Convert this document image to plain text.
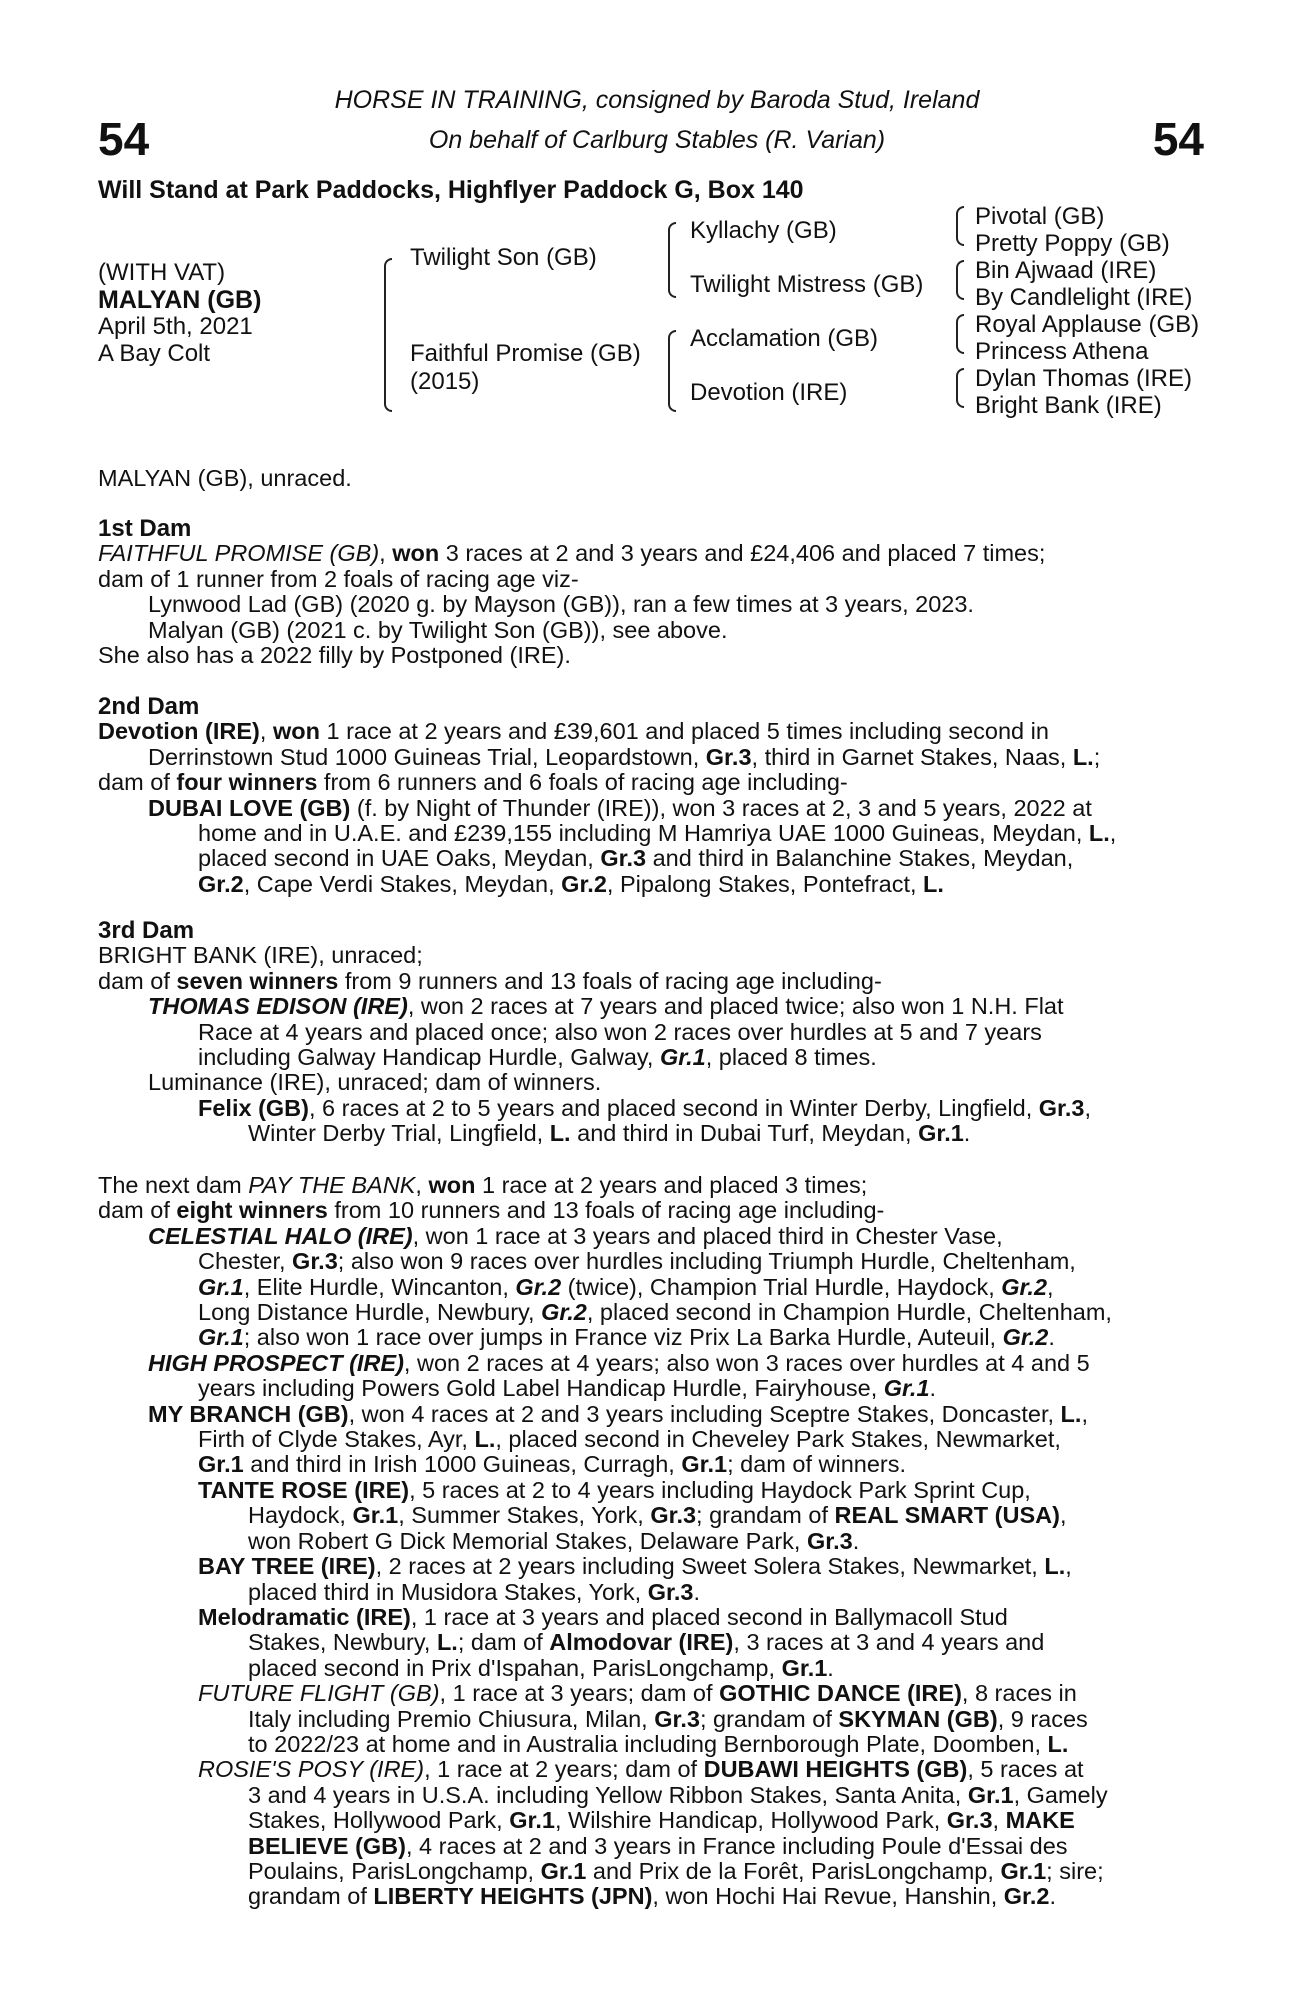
54	54
HORSE IN TRAINING, consigned by Baroda Stud, Ireland
On behalf of Carlburg Stables (R. Varian)
Will Stand at Park Paddocks, Highflyer Paddock G, Box 140
(WITH VAT)
MALYAN (GB)
April 5th, 2021
A Bay Colt
Twilight Son (GB)
Faithful Promise (GB)
(2015)
Kyllachy (GB)
Twilight Mistress (GB)
Acclamation (GB)
Devotion (IRE)
Pivotal (GB)
Pretty Poppy (GB)
Bin Ajwaad (IRE)
By Candlelight (IRE)
Royal Applause (GB)
Princess Athena
Dylan Thomas (IRE)
Bright Bank (IRE)
MALYAN (GB), unraced.
1st Dam
FAITHFUL PROMISE (GB), won 3 races at 2 and 3 years and £24,406 and placed 7 times;
dam of 1 runner from 2 foals of racing age viz-
Lynwood Lad (GB) (2020 g. by Mayson (GB)), ran a few times at 3 years, 2023.
Malyan (GB) (2021 c. by Twilight Son (GB)), see above.
She also has a 2022 filly by Postponed (IRE).
2nd Dam
Devotion (IRE), won 1 race at 2 years and £39,601 and placed 5 times including second in
Derrinstown Stud 1000 Guineas Trial, Leopardstown, Gr.3, third in Garnet Stakes, Naas, L.;
dam of four winners from 6 runners and 6 foals of racing age including-
DUBAI LOVE (GB) (f. by Night of Thunder (IRE)), won 3 races at 2, 3 and 5 years, 2022 at
home and in U.A.E. and £239,155 including M Hamriya UAE 1000 Guineas, Meydan, L.,
placed second in UAE Oaks, Meydan, Gr.3 and third in Balanchine Stakes, Meydan,
Gr.2, Cape Verdi Stakes, Meydan, Gr.2, Pipalong Stakes, Pontefract, L.
3rd Dam
BRIGHT BANK (IRE), unraced;
dam of seven winners from 9 runners and 13 foals of racing age including-
THOMAS EDISON (IRE), won 2 races at 7 years and placed twice; also won 1 N.H. Flat
Race at 4 years and placed once; also won 2 races over hurdles at 5 and 7 years
including Galway Handicap Hurdle, Galway, Gr.1, placed 8 times.
Luminance (IRE), unraced; dam of winners.
Felix (GB), 6 races at 2 to 5 years and placed second in Winter Derby, Lingfield, Gr.3,
Winter Derby Trial, Lingfield, L. and third in Dubai Turf, Meydan, Gr.1.
The next dam PAY THE BANK, won 1 race at 2 years and placed 3 times;
dam of eight winners from 10 runners and 13 foals of racing age including-
CELESTIAL HALO (IRE), won 1 race at 3 years and placed third in Chester Vase,
Chester, Gr.3; also won 9 races over hurdles including Triumph Hurdle, Cheltenham,
Gr.1, Elite Hurdle, Wincanton, Gr.2 (twice), Champion Trial Hurdle, Haydock, Gr.2,
Long Distance Hurdle, Newbury, Gr.2, placed second in Champion Hurdle, Cheltenham,
Gr.1; also won 1 race over jumps in France viz Prix La Barka Hurdle, Auteuil, Gr.2.
HIGH PROSPECT (IRE), won 2 races at 4 years; also won 3 races over hurdles at 4 and 5
years including Powers Gold Label Handicap Hurdle, Fairyhouse, Gr.1.
MY BRANCH (GB), won 4 races at 2 and 3 years including Sceptre Stakes, Doncaster, L.,
Firth of Clyde Stakes, Ayr, L., placed second in Cheveley Park Stakes, Newmarket,
Gr.1 and third in Irish 1000 Guineas, Curragh, Gr.1; dam of winners.
TANTE ROSE (IRE), 5 races at 2 to 4 years including Haydock Park Sprint Cup,
Haydock, Gr.1, Summer Stakes, York, Gr.3; grandam of REAL SMART (USA),
won Robert G Dick Memorial Stakes, Delaware Park, Gr.3.
BAY TREE (IRE), 2 races at 2 years including Sweet Solera Stakes, Newmarket, L.,
placed third in Musidora Stakes, York, Gr.3.
Melodramatic (IRE), 1 race at 3 years and placed second in Ballymacoll Stud
Stakes, Newbury, L.; dam of Almodovar (IRE), 3 races at 3 and 4 years and
placed second in Prix d'Ispahan, ParisLongchamp, Gr.1.
FUTURE FLIGHT (GB), 1 race at 3 years; dam of GOTHIC DANCE (IRE), 8 races in
Italy including Premio Chiusura, Milan, Gr.3; grandam of SKYMAN (GB), 9 races
to 2022/23 at home and in Australia including Bernborough Plate, Doomben, L.
ROSIE'S POSY (IRE), 1 race at 2 years; dam of DUBAWI HEIGHTS (GB), 5 races at
3 and 4 years in U.S.A. including Yellow Ribbon Stakes, Santa Anita, Gr.1, Gamely
Stakes, Hollywood Park, Gr.1, Wilshire Handicap, Hollywood Park, Gr.3, MAKE
BELIEVE (GB), 4 races at 2 and 3 years in France including Poule d'Essai des
Poulains, ParisLongchamp, Gr.1 and Prix de la Forêt, ParisLongchamp, Gr.1; sire;
grandam of LIBERTY HEIGHTS (JPN), won Hochi Hai Revue, Hanshin, Gr.2.
